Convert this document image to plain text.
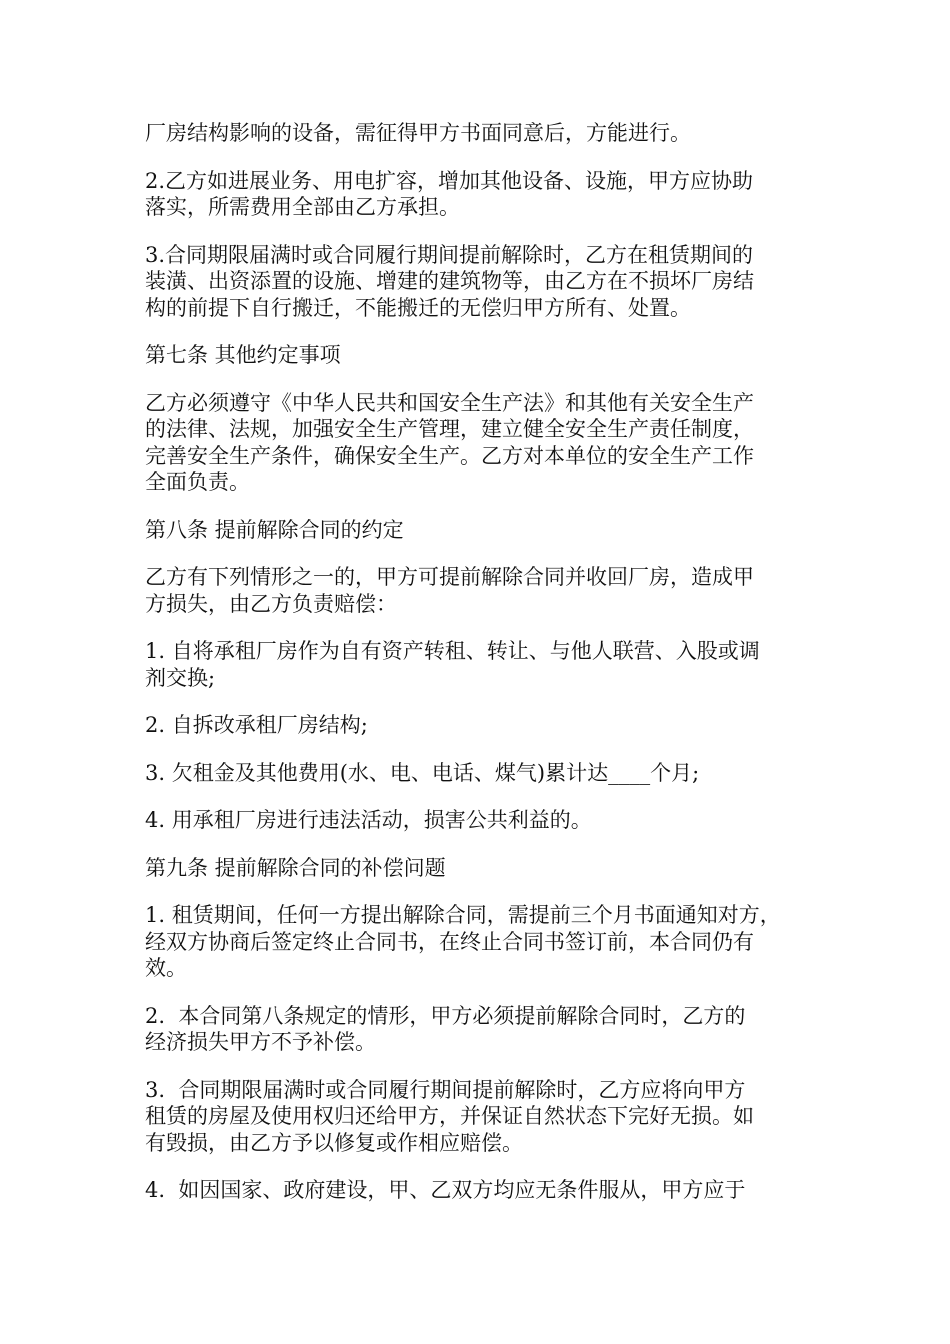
厂房结构影响的设备，需征得甲方书面同意后，方能进行。
2.乙方如进展业务、用电扩容，增加其他设备、设施，甲方应协助
落实，所需费用全部由乙方承担。
3.合同期限届满时或合同履行期间提前解除时，乙方在租赁期间的
装潢、出资添置的设施、增建的建筑物等，由乙方在不损坏厂房结
构的前提下自行搬迁，不能搬迁的无偿归甲方所有、处置。
第七条 其他约定事项
乙方必须遵守《中华人民共和国安全生产法》和其他有关安全生产
的法律、法规，加强安全生产管理，建立健全安全生产责任制度，
完善安全生产条件，确保安全生产。乙方对本单位的安全生产工作
全面负责。
第八条 提前解除合同的约定
乙方有下列情形之一的，甲方可提前解除合同并收回厂房，造成甲
方损失，由乙方负责赔偿：
1. 自将承租厂房作为自有资产转租、转让、与他人联营、入股或调
剂交换;
2. 自拆改承租厂房结构;
3. 欠租金及其他费用(水、电、电话、煤气)累计达____个月;
4. 用承租厂房进行违法活动，损害公共利益的。
第九条 提前解除合同的补偿问题
1. 租赁期间，任何一方提出解除合同，需提前三个月书面通知对方，
经双方协商后签定终止合同书，在终止合同书签订前，本合同仍有
效。
2.  本合同第八条规定的情形，甲方必须提前解除合同时，乙方的
经济损失甲方不予补偿。
3.  合同期限届满时或合同履行期间提前解除时，乙方应将向甲方
租赁的房屋及使用权归还给甲方，并保证自然状态下完好无损。如
有毁损，由乙方予以修复或作相应赔偿。
4.  如因国家、政府建设，甲、乙双方均应无条件服从，甲方应于
